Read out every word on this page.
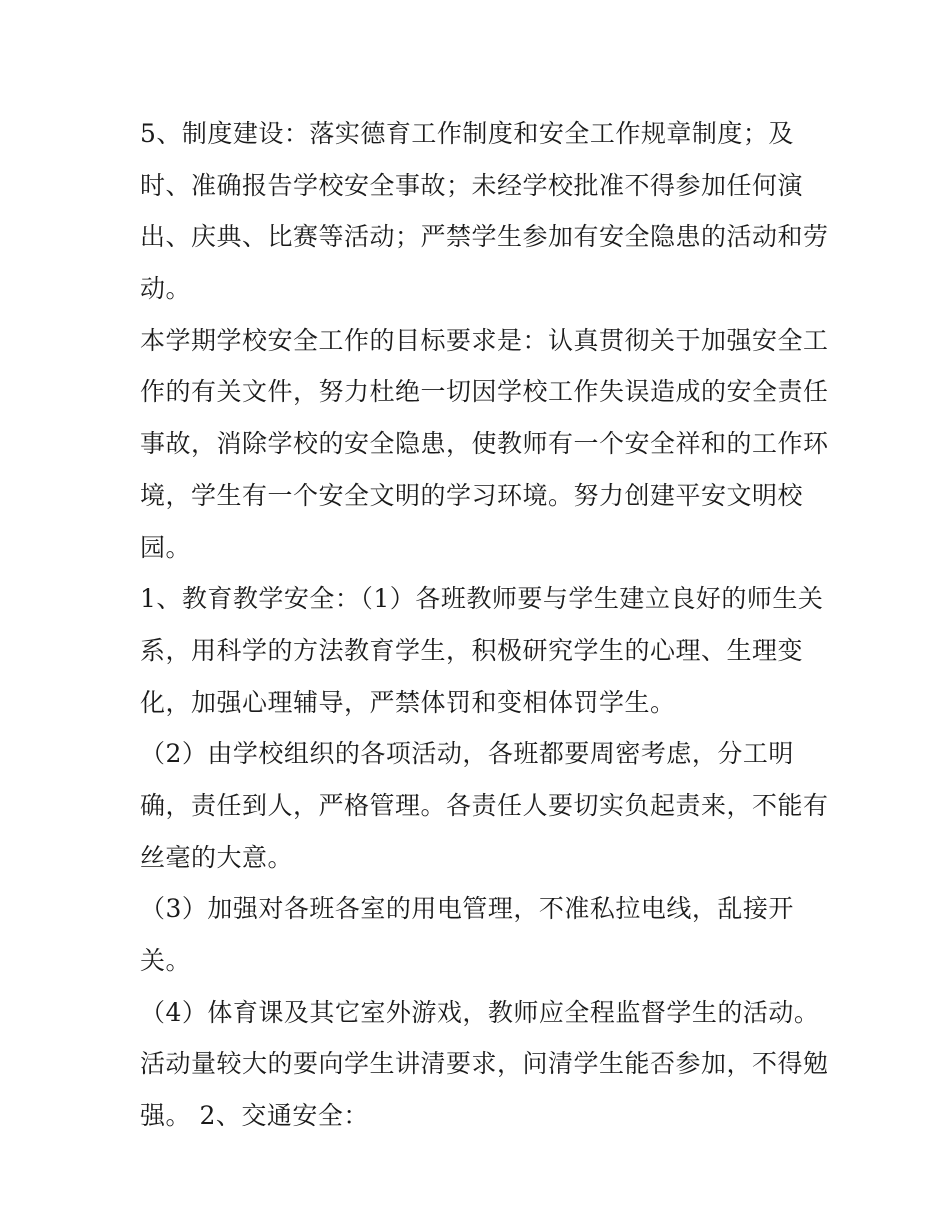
5、制度建设：落实德育工作制度和安全工作规章制度；及
时、准确报告学校安全事故；未经学校批准不得参加任何演
出、庆典、比赛等活动；严禁学生参加有安全隐患的活动和劳
动。
本学期学校安全工作的目标要求是：认真贯彻关于加强安全工
作的有关文件，努力杜绝一切因学校工作失误造成的安全责任
事故，消除学校的安全隐患，使教师有一个安全祥和的工作环
境，学生有一个安全文明的学习环境。努力创建平安文明校
园。
1、教育教学安全：（1）各班教师要与学生建立良好的师生关
系，用科学的方法教育学生，积极研究学生的心理、生理变
化，加强心理辅导，严禁体罚和变相体罚学生。
（2）由学校组织的各项活动，各班都要周密考虑，分工明
确，责任到人，严格管理。各责任人要切实负起责来，不能有
丝毫的大意。
（3）加强对各班各室的用电管理，不准私拉电线，乱接开
关。
（4）体育课及其它室外游戏，教师应全程监督学生的活动。
活动量较大的要向学生讲清要求，问清学生能否参加，不得勉
强。 2、交通安全：
